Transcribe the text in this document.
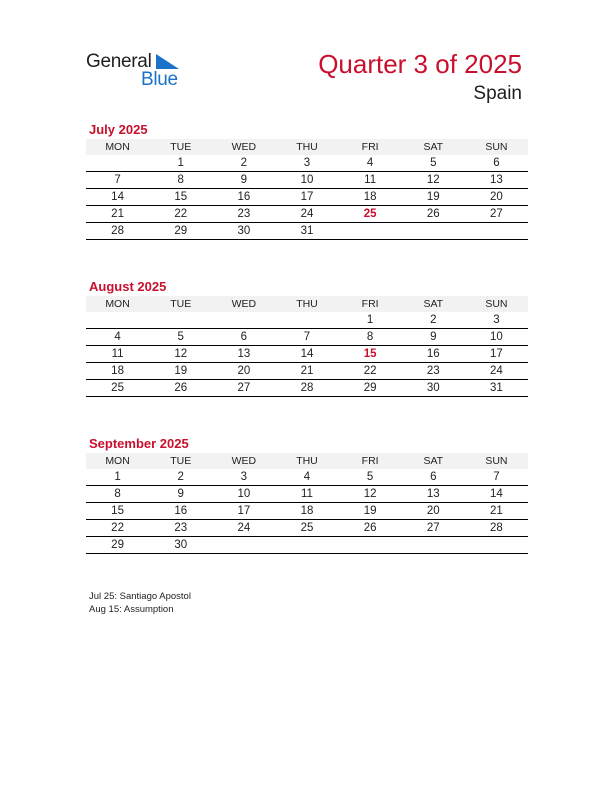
General
Blue
Quarter 3 of 2025
Spain
July 2025
MON	TUE	WED	THU	FRI	SAT	SUN
	1	2	3	4	5	6
7	8	9	10	11	12	13
14	15	16	17	18	19	20
21	22	23	24	25	26	27
28	29	30	31			
August 2025
MON	TUE	WED	THU	FRI	SAT	SUN
				1	2	3
4	5	6	7	8	9	10
11	12	13	14	15	16	17
18	19	20	21	22	23	24
25	26	27	28	29	30	31
September 2025
MON	TUE	WED	THU	FRI	SAT	SUN
1	2	3	4	5	6	7
8	9	10	11	12	13	14
15	16	17	18	19	20	21
22	23	24	25	26	27	28
29	30					
Jul 25: Santiago Apostol
Aug 15: Assumption
